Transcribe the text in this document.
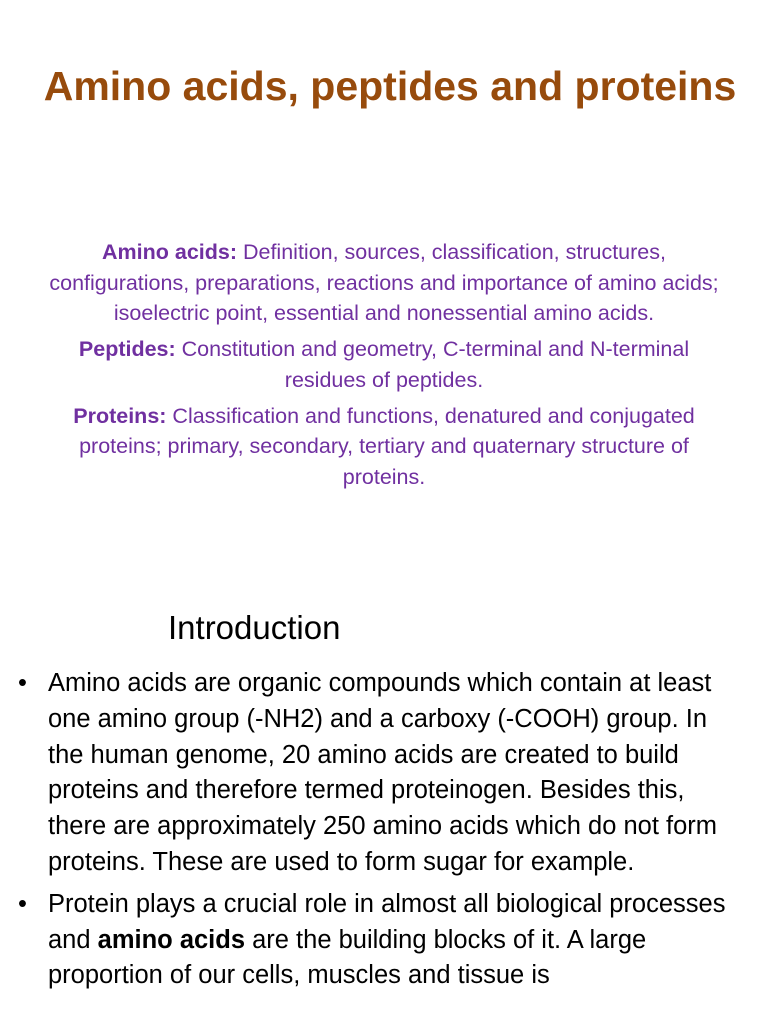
Amino acids, peptides and proteins

Amino acids: Definition, sources, classification, structures, configurations, preparations, reactions and importance of amino acids; isoelectric point, essential and nonessential amino acids.

Peptides: Constitution and geometry, C-terminal and N-terminal residues of peptides.

Proteins: Classification and functions, denatured and conjugated proteins; primary, secondary, tertiary and quaternary structure of proteins.

Introduction
• Amino acids are organic compounds which contain at least one amino group (-NH2) and a carboxy (-COOH) group. In the human genome, 20 amino acids are created to build proteins and therefore termed proteinogen. Besides this, there are approximately 250 amino acids which do not form proteins. These are used to form sugar for example.
• Protein plays a crucial role in almost all biological processes and amino acids are the building blocks of it. A large proportion of our cells, muscles and tissue is
